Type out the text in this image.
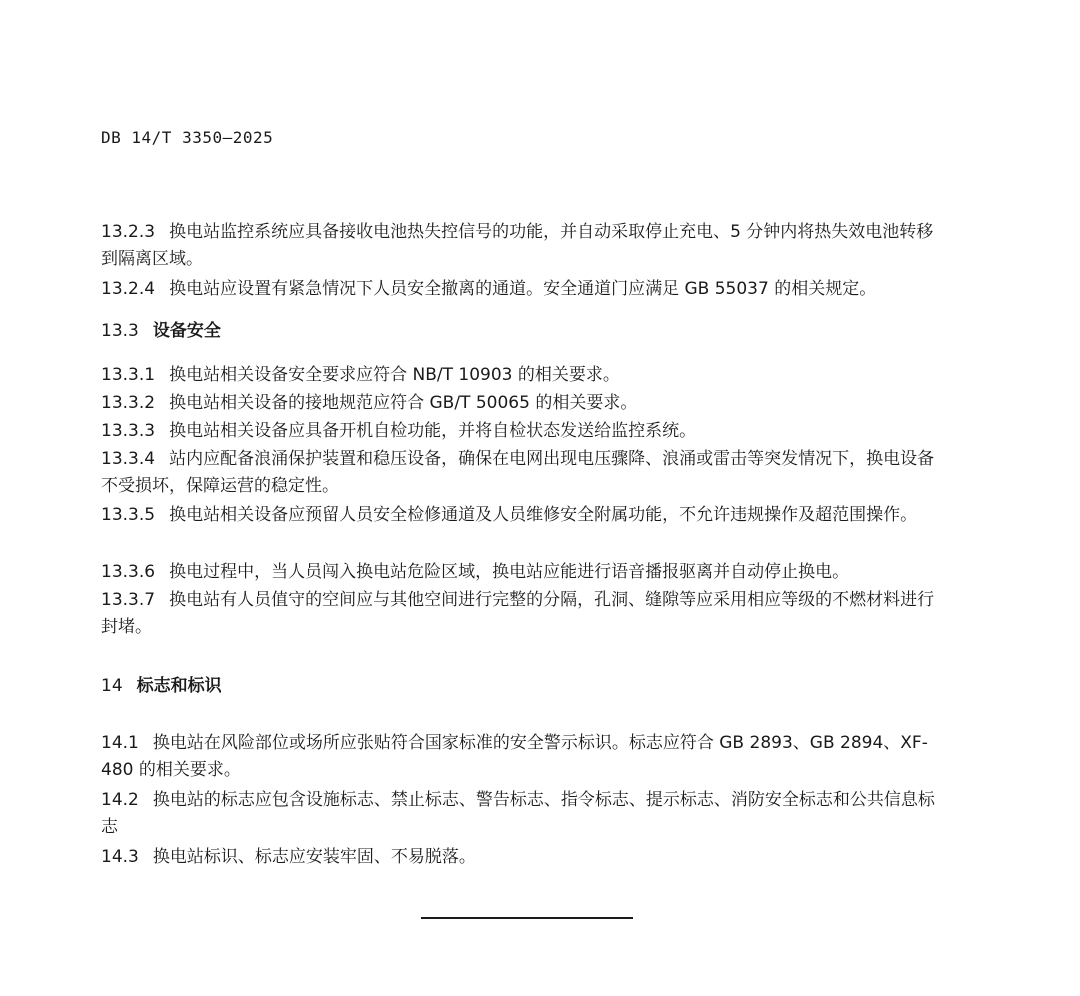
DB 14/T 3350—2025

13.2.3 换电站监控系统应具备接收电池热失控信号的功能，并自动采取停止充电、5 分钟内将热失效电池转移到隔离区域。

13.2.4 换电站应设置有紧急情况下人员安全撤离的通道。安全通道门应满足 GB 55037 的相关规定。

13.3 设备安全

13.3.1 换电站相关设备安全要求应符合 NB/T 10903 的相关要求。

13.3.2 换电站相关设备的接地规范应符合 GB/T 50065 的相关要求。

13.3.3 换电站相关设备应具备开机自检功能，并将自检状态发送给监控系统。

13.3.4 站内应配备浪涌保护装置和稳压设备，确保在电网出现电压骤降、浪涌或雷击等突发情况下，换电设备不受损坏，保障运营的稳定性。

13.3.5 换电站相关设备应预留人员安全检修通道及人员维修安全附属功能，不允许违规操作及超范围操作。

13.3.6 换电过程中，当人员闯入换电站危险区域，换电站应能进行语音播报驱离并自动停止换电。

13.3.7 换电站有人员值守的空间应与其他空间进行完整的分隔，孔洞、缝隙等应采用相应等级的不燃材料进行封堵。

14 标志和标识

14.1 换电站在风险部位或场所应张贴符合国家标准的安全警示标识。标志应符合 GB 2893、GB 2894、XF-480 的相关要求。

14.2 换电站的标志应包含设施标志、禁止标志、警告标志、指令标志、提示标志、消防安全标志和公共信息标志

14.3 换电站标识、标志应安装牢固、不易脱落。
